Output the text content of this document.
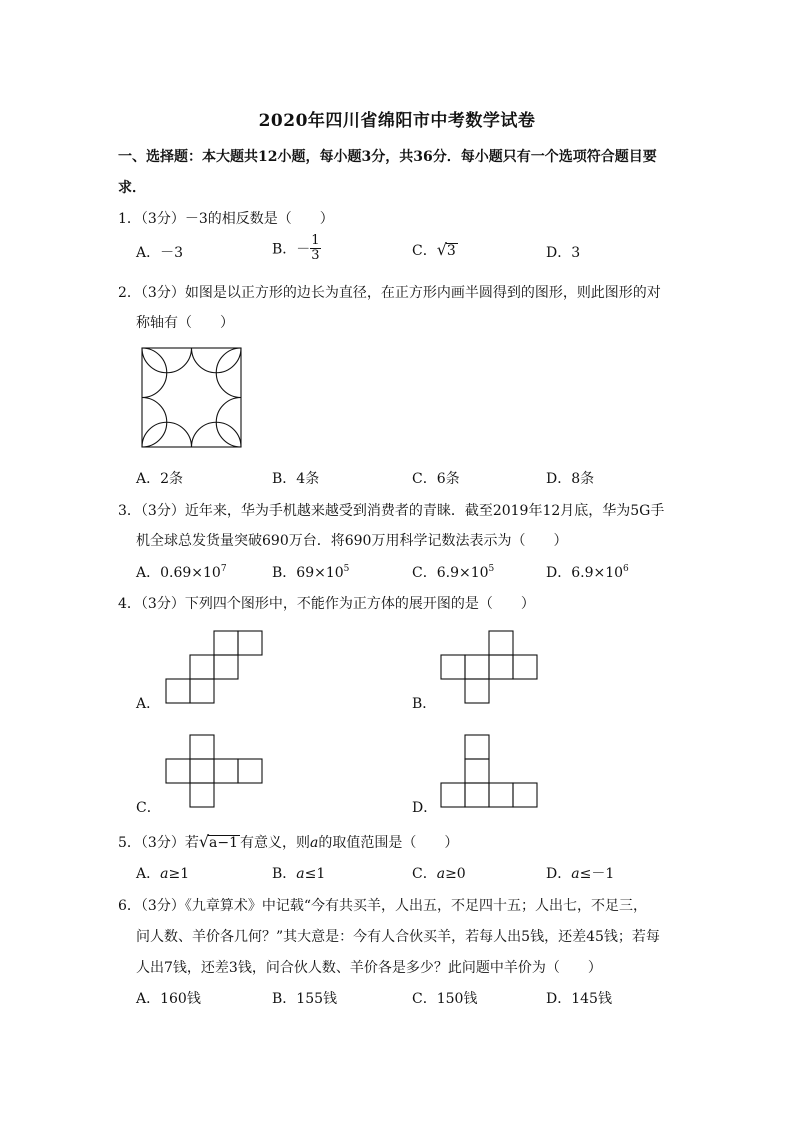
2020年四川省绵阳市中考数学试卷
一、选择题：本大题共12小题，每小题3分，共36分．每小题只有一个选项符合题目要
求．
1．（3分）－3的相反数是（　　）
A．－3	B．－ $\frac{1}{3}$	C．√3	D．3
2．（3分）如图是以正方形的边长为直径，在正方形内画半圆得到的图形，则此图形的对
称轴有（　　）
A．2条	B．4条	C．6条	D．8条
3．（3分）近年来，华为手机越来越受到消费者的青睐．截至2019年12月底，华为5G手
机全球总发货量突破690万台．将690万用科学记数法表示为（　　）
A．$0.69\times 10^7$	B．$69\times 10^5$	C．$6.9\times 10^5$	D．$6.9\times 10^6$
4．（3分）下列四个图形中，不能作为正方体的展开图的是（　　）
A．	B．
C．	D．
5．（3分）若√a−1 有意义，则a的取值范围是（　　）
A．a≥1	B．a≤1	C．a≥0	D．a≤－1
6．（3分）《九章算术》中记载“今有共买羊，人出五，不足四十五；人出七，不足三，
问人数、羊价各几何？”其大意是：今有人合伙买羊，若每人出5钱，还差45钱；若每
人出7钱，还差3钱，问合伙人数、羊价各是多少？此问题中羊价为（　　）
A．160钱	B．155钱	C．150钱	D．145钱
